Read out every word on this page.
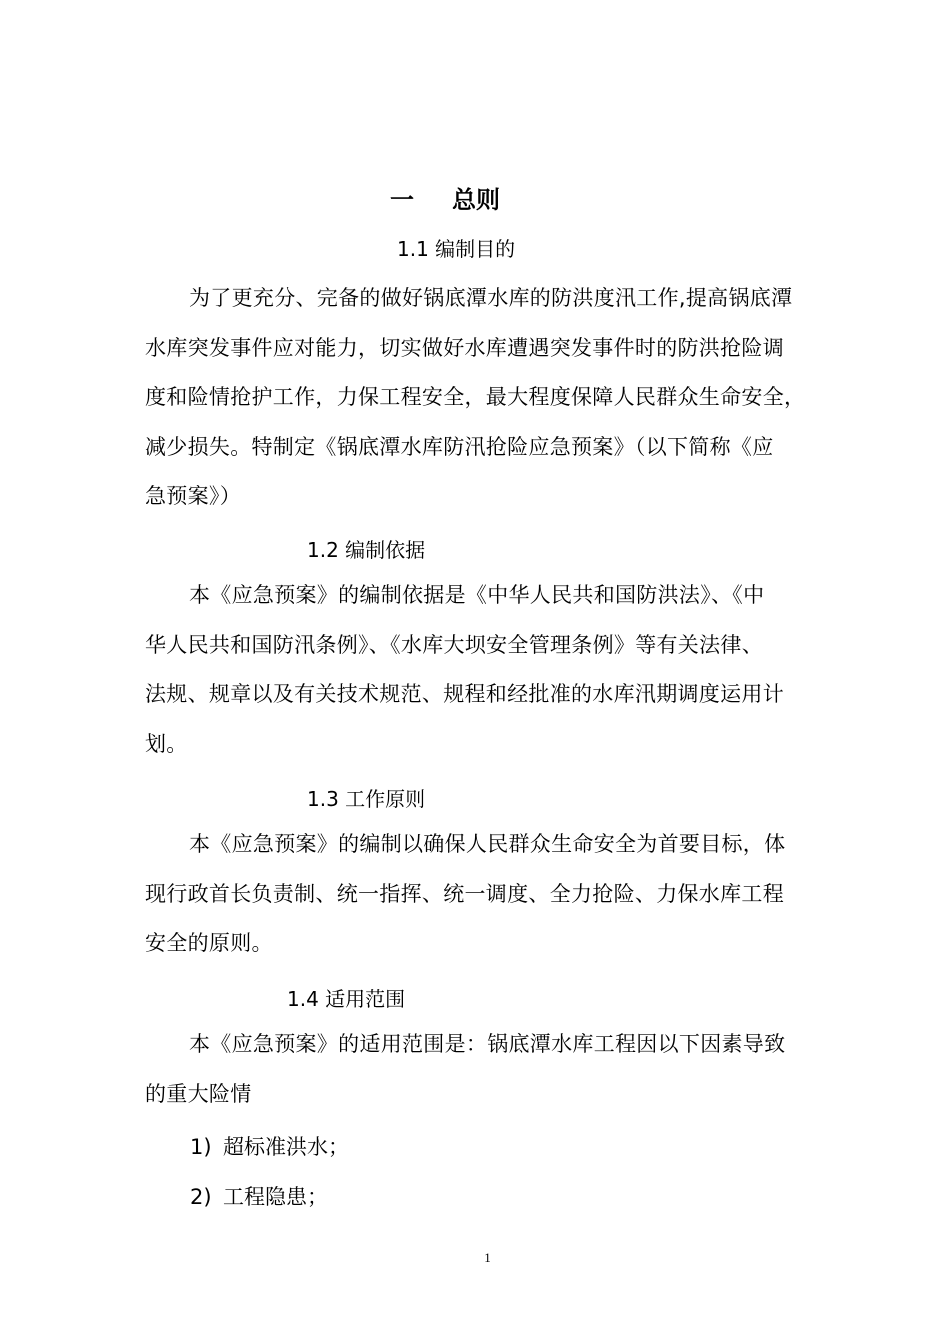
一 总则
1.1 编制目的
为了更充分、完备的做好锅底潭水库的防洪度汛工作,提高锅底潭
水库突发事件应对能力，切实做好水库遭遇突发事件时的防洪抢险调
度和险情抢护工作，力保工程安全，最大程度保障人民群众生命安全，
减少损失。特制定《锅底潭水库防汛抢险应急预案》（以下简称《应
急预案》）
1.2 编制依据
本《应急预案》的编制依据是《中华人民共和国防洪法》、《中
华人民共和国防汛条例》、《水库大坝安全管理条例》等有关法律、
法规、规章以及有关技术规范、规程和经批准的水库汛期调度运用计
划。
1.3 工作原则
本《应急预案》的编制以确保人民群众生命安全为首要目标，体
现行政首长负责制、统一指挥、统一调度、全力抢险、力保水库工程
安全的原则。
1.4 适用范围
本《应急预案》的适用范围是：锅底潭水库工程因以下因素导致
的重大险情
1) 超标准洪水；
2) 工程隐患；
1
